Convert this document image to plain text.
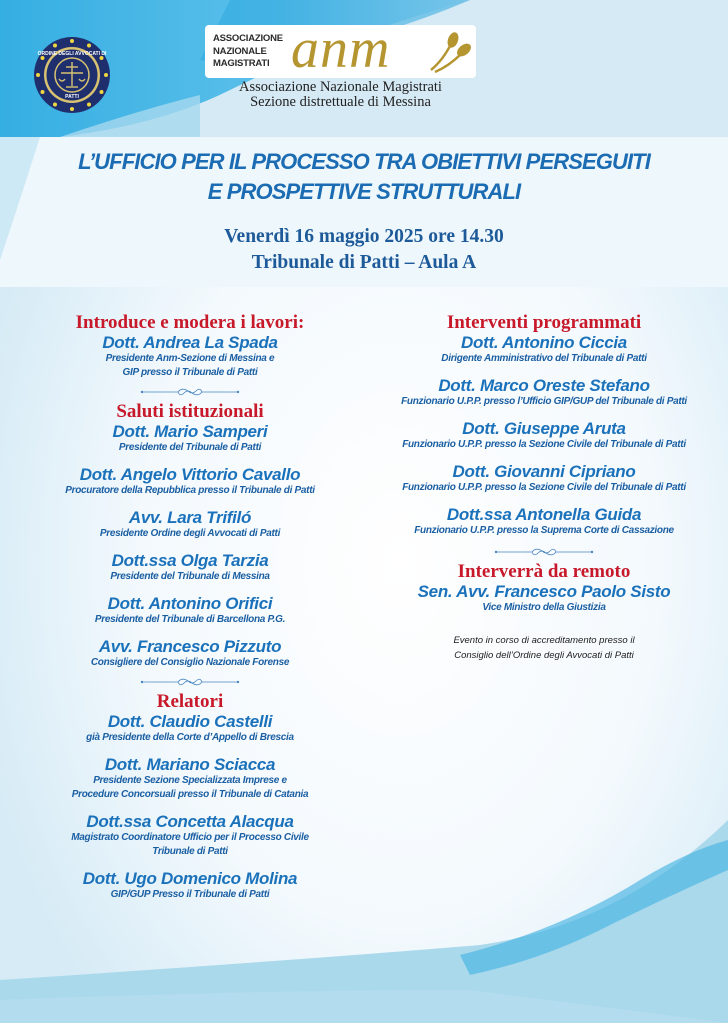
ORDINE DEGLI AVVOCATI DI
PATTI
ASSOCIAZIONE
NAZIONALE
MAGISTRATI anm
Associazione Nazionale Magistrati
Sezione distrettuale di Messina
L’UFFICIO PER IL PROCESSO TRA OBIETTIVI PERSEGUITI
E PROSPETTIVE STRUTTURALI
Venerdì 16 maggio 2025 ore 14.30
Tribunale di Patti – Aula A
Introduce e modera i lavori:
Dott. Andrea La Spada
Presidente Anm-Sezione di Messina e
GIP presso il Tribunale di Patti
Saluti istituzionali
Dott. Mario Samperi
Presidente del Tribunale di Patti
Dott. Angelo Vittorio Cavallo
Procuratore della Repubblica presso il Tribunale di Patti
Avv. Lara Trifiló
Presidente Ordine degli Avvocati di Patti
Dott.ssa Olga Tarzia
Presidente del Tribunale di Messina
Dott. Antonino Orifici
Presidente del Tribunale di Barcellona P.G.
Avv. Francesco Pizzuto
Consigliere del Consiglio Nazionale Forense
Relatori
Dott. Claudio Castelli
già Presidente della Corte d’Appello di Brescia
Dott. Mariano Sciacca
Presidente Sezione Specializzata Imprese e
Procedure Concorsuali presso il Tribunale di Catania
Dott.ssa Concetta Alacqua
Magistrato Coordinatore Ufficio per il Processo Civile
Tribunale di Patti
Dott. Ugo Domenico Molina
GIP/GUP Presso il Tribunale di Patti
Interventi programmati
Dott. Antonino Ciccia
Dirigente Amministrativo del Tribunale di Patti
Dott. Marco Oreste Stefano
Funzionario U.P.P. presso l’Ufficio GIP/GUP del Tribunale di Patti
Dott. Giuseppe Aruta
Funzionario U.P.P. presso la Sezione Civile del Tribunale di Patti
Dott. Giovanni Cipriano
Funzionario U.P.P. presso la Sezione Civile del Tribunale di Patti
Dott.ssa Antonella Guida
Funzionario U.P.P. presso la Suprema Corte di Cassazione
Interverrà da remoto
Sen. Avv. Francesco Paolo Sisto
Vice Ministro della Giustizia
Evento in corso di accreditamento presso il
Consiglio dell’Ordine degli Avvocati di Patti
